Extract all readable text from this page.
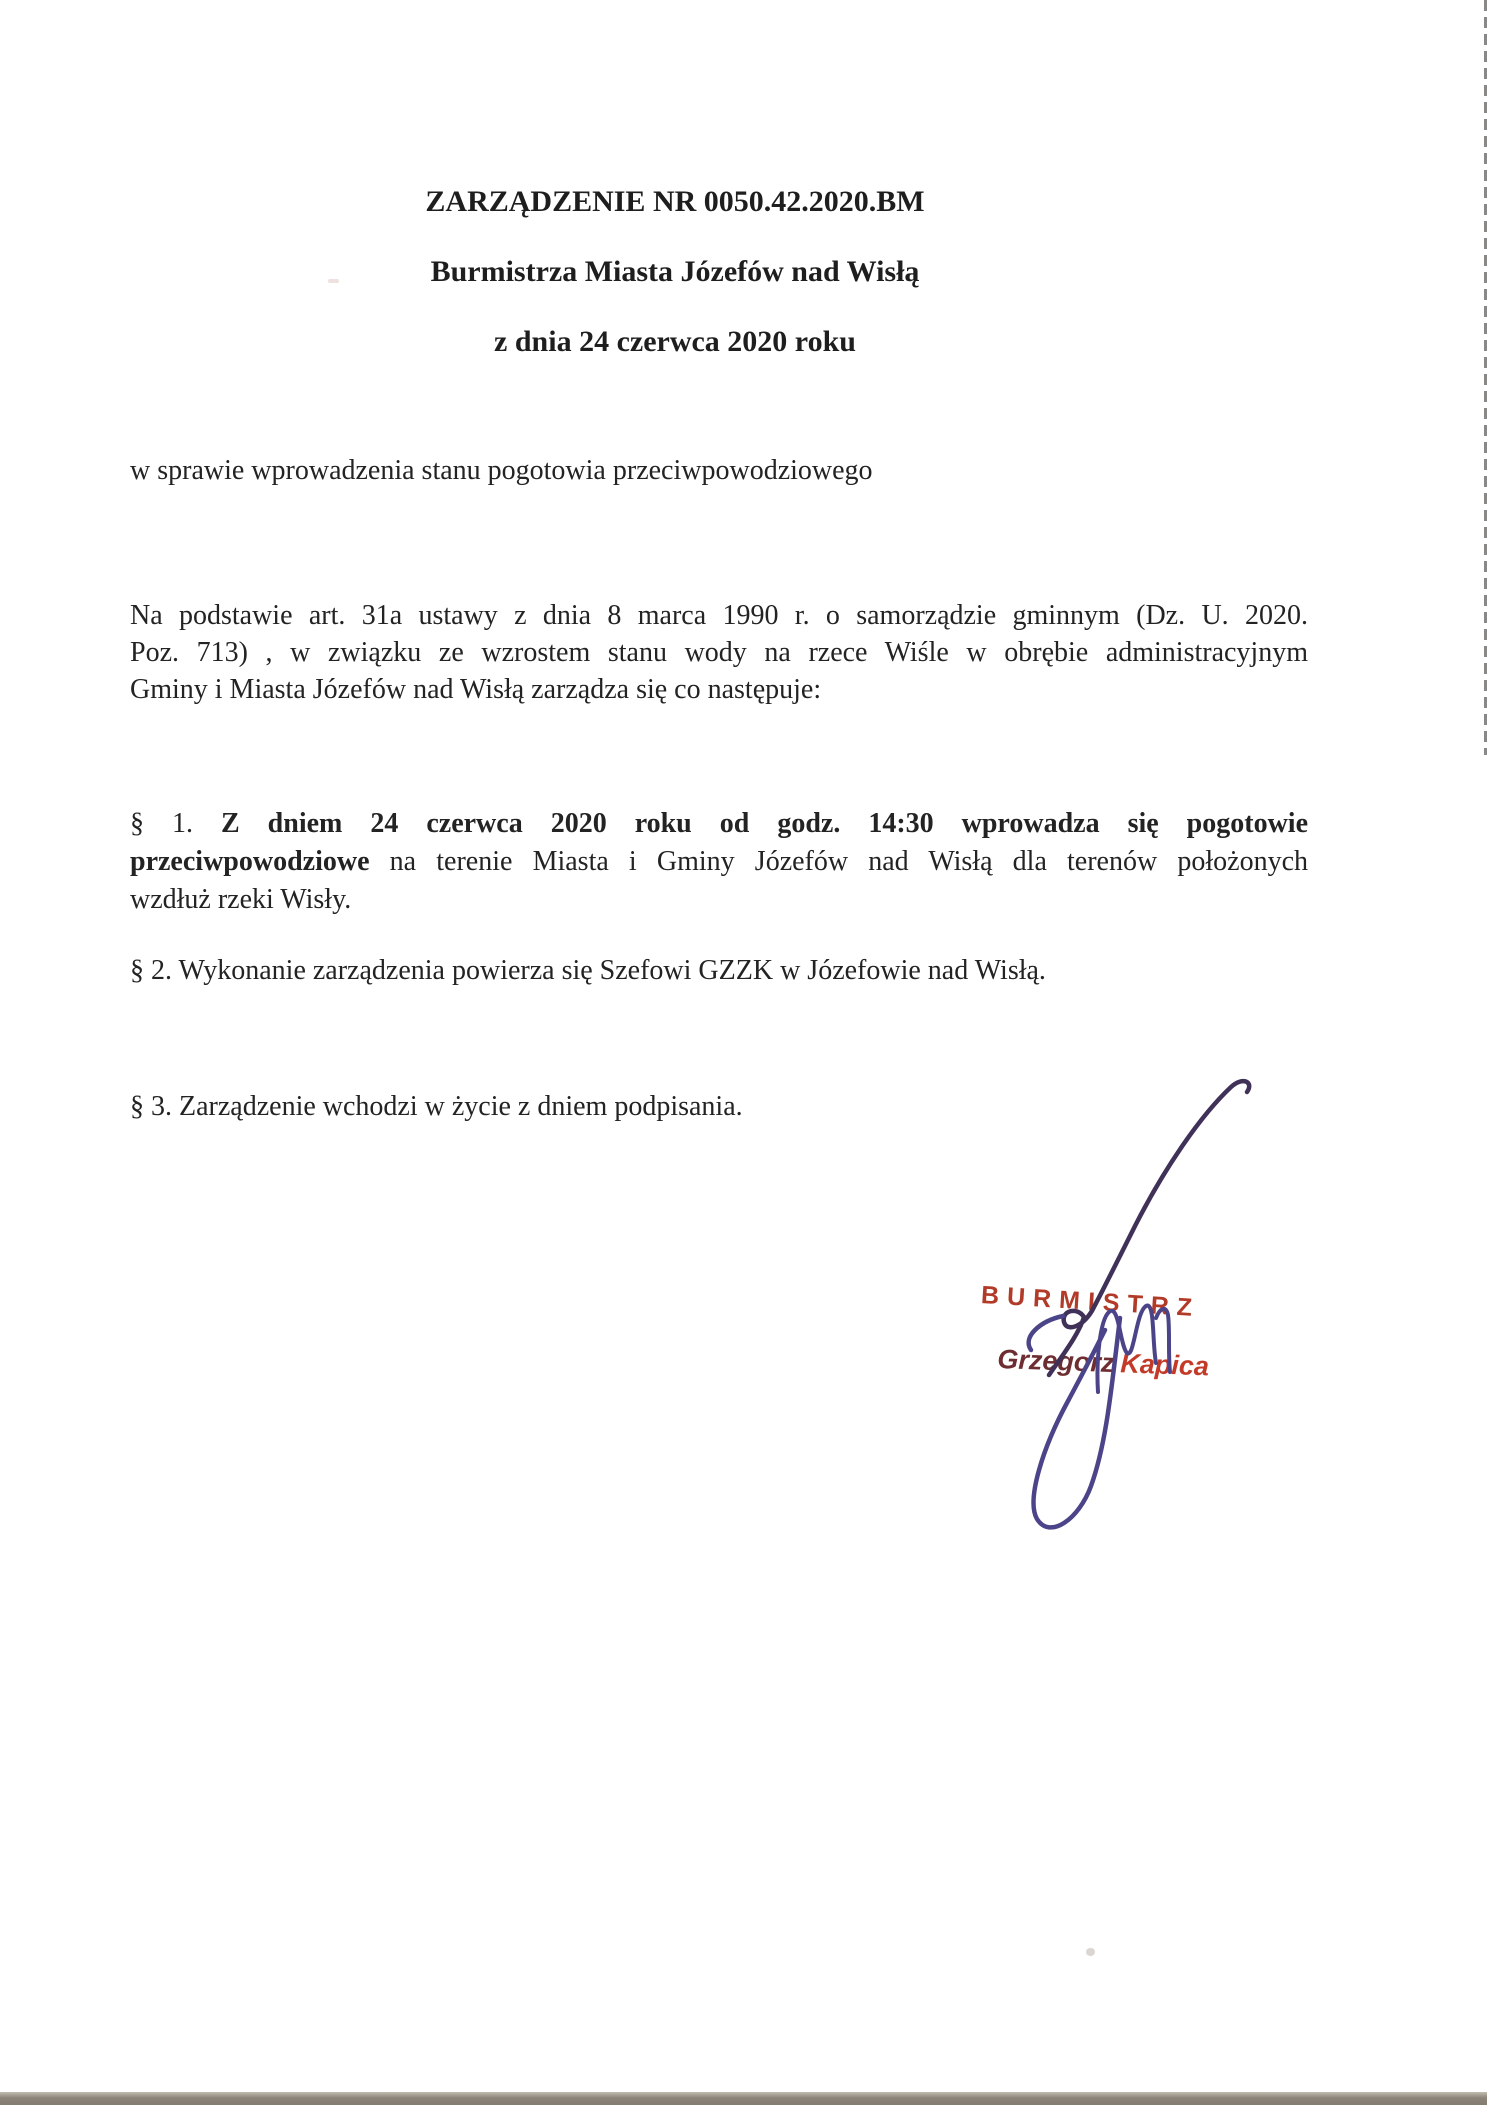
ZARZĄDZENIE NR 0050.42.2020.BM
Burmistrza Miasta Józefów nad Wisłą
z dnia 24 czerwca 2020 roku
w sprawie wprowadzenia stanu pogotowia przeciwpowodziowego
Na podstawie art. 31a ustawy z dnia 8 marca 1990 r. o samorządzie gminnym (Dz. U. 2020.
Poz. 713) , w związku ze wzrostem stanu wody na rzece Wiśle w obrębie administracyjnym
Gminy i Miasta Józefów nad Wisłą zarządza się co następuje:
§ 1. Z dniem 24 czerwca 2020 roku od godz. 14:30 wprowadza się pogotowie
przeciwpowodziowe na terenie Miasta i Gminy Józefów nad Wisłą dla terenów położonych
wzdłuż rzeki Wisły.
§ 2. Wykonanie zarządzenia powierza się Szefowi GZZK w Józefowie nad Wisłą.
§ 3. Zarządzenie wchodzi w życie z dniem podpisania.
BURMISTRZ
Grzegorz Kapica
